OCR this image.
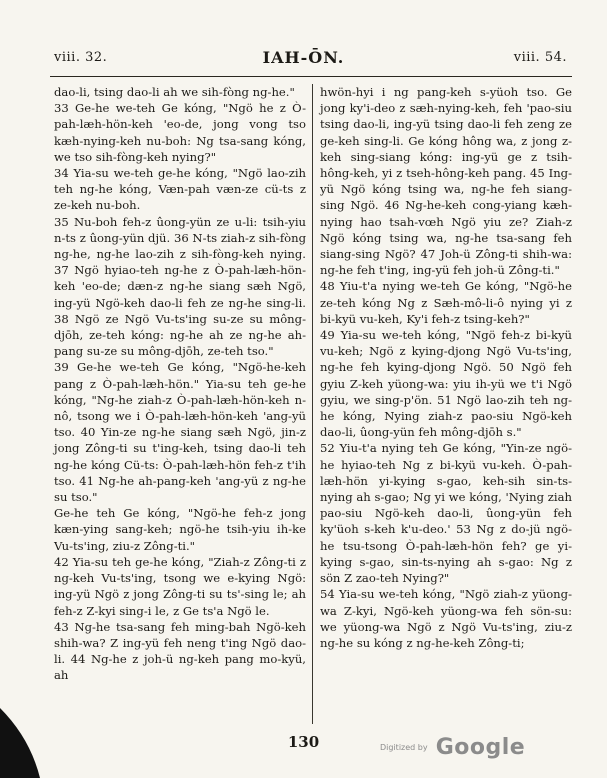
viii. 32.	IAH-ŌN.	viii. 54.
daο-li, tsing dao-li ah we sih-fòng ng-he."
33 Ge-he we-teh Ge kóng, "Ngö he z Ò-pah-læh-hön-keh 'eo-de, jong vong tso kæh-nying-keh nu-boh: Ng tsa-sang kóng, we tso sih-fòng-keh nying?"
34 Yia-su we-teh ge-he kóng, "Ngö lao-zih teh ng-he kóng, Væn-pah væn-ze cü-ts z ze-keh nu-boh.
35 Nu-boh feh-z ûong-yün ze u-li: tsih-yiu n-ts z ûong-yün djü. 36 N-ts ziah-z sih-fòng ng-he, ng-he lao-zih z sih-fòng-keh nying. 37 Ngö hyiao-teh ng-he z Ò-pah-læh-hön-keh 'eo-de; dæn-z ng-he siang sæh Ngö, ing-yü Ngö-keh dao-li feh ze ng-he sing-li. 38 Ngö ze Ngö Vu-ts'ing su-ze su mông-djōh, ze-teh kóng: ng-he ah ze ng-he ah-pang su-ze su mông-djōh, ze-teh tso."
39 Ge-he we-teh Ge kóng, "Ngö-he-keh pang z Ò-pah-læh-hön." Yia-su teh ge-he kóng, "Ng-he ziah-z Ò-pah-læh-hön-keh n-nô, tsong we i Ò-pah-læh-hön-keh 'ang-yü tso. 40 Yin-ze ng-he siang sæh Ngö, jin-z jong Zông-ti su t'ing-keh, tsing dao-li teh ng-he kóng Cü-ts: Ò-pah-læh-hön feh-z t'ih tso. 41 Ng-he ah-pang-keh 'ang-yü z ng-he su tso."
Ge-he teh Ge kóng, "Ngö-he feh-z jong kæn-ying sang-keh; ngö-he tsih-yiu ih-ke Vu-ts'ing, ziu-z Zông-ti."
42 Yia-su teh ge-he kóng, "Ziah-z Zông-ti z ng-keh Vu-ts'ing, tsong we e-kying Ngö: ing-yü Ngö z jong Zông-ti su ts'-sing le; ah feh-z Z-kyi sing-i le, z Ge ts'a Ngö le.
43 Ng-he tsa-sang feh ming-bah Ngö-keh shih-wa? Z ing-yü feh neng t'ing Ngö dao-li. 44 Ng-he z joh-ü ng-keh pang mo-kyü, ah
hwön-hyi i ng pang-keh s-yüoh tso. Ge jong ky'i-deo z sæh-nying-keh, feh 'pao-siu tsing dao-li, ing-yü tsing dao-li feh zeng ze ge-keh sing-li. Ge kóng hông wa, z jong z-keh sing-siang kóng: ing-yü ge z tsih-hông-keh, yi z tseh-hông-keh pang. 45 Ing-yü Ngö kóng tsing wa, ng-he feh siang-sing Ngö. 46 Ng-he-keh cong-yiang kæh-nying hao tsah-vœh Ngö yiu ze? Ziah-z Ngö kóng tsing wa, ng-he tsa-sang feh siang-sing Ngö? 47 Joh-ü Zông-ti shih-wa: ng-he feh t'ing, ing-yü feh joh-ü Zông-ti."
48 Yiu-t'a nying we-teh Ge kóng, "Ngö-he ze-teh kóng Ng z Sæh-mô-li-ô nying yi z bi-kyü vu-keh, Ky'i feh-z tsing-keh?"
49 Yia-su we-teh kóng, "Ngö feh-z bi-kyü vu-keh; Ngö z kying-djong Ngö Vu-ts'ing, ng-he feh kying-djong Ngö. 50 Ngö feh gyiu Z-keh yüong-wa: yiu ih-yü we t'i Ngö gyiu, we sing-p'ön. 51 Ngö lao-zih teh ng-he kóng, Nying ziah-z pao-siu Ngö-keh dao-li, ûong-yün feh mông-djōh s."
52 Yiu-t'a nying teh Ge kóng, "Yin-ze ngö-he hyiao-teh Ng z bi-kyü vu-keh. Ò-pah-læh-hön yi-kying s-gao, keh-sih sin-ts-nying ah s-gao; Ng yi we kóng, 'Nying ziah pao-siu Ngö-keh dao-li, ûong-yün feh ky'üoh s-keh k'u-deo.' 53 Ng z do-jü ngö-he tsu-tsong Ò-pah-læh-hön feh? ge yi-kying s-gao, sin-ts-nying ah s-gao: Ng z sön Z zao-teh Nying?"
54 Yia-su we-teh kóng, "Ngö ziah-z yüong-wa Z-kyi, Ngö-keh yüong-wa feh sön-su: we yüong-wa Ngö z Ngö Vu-ts'ing, ziu-z ng-he su kóng z ng-he-keh Zông-ti;
130	Digitized by Google
